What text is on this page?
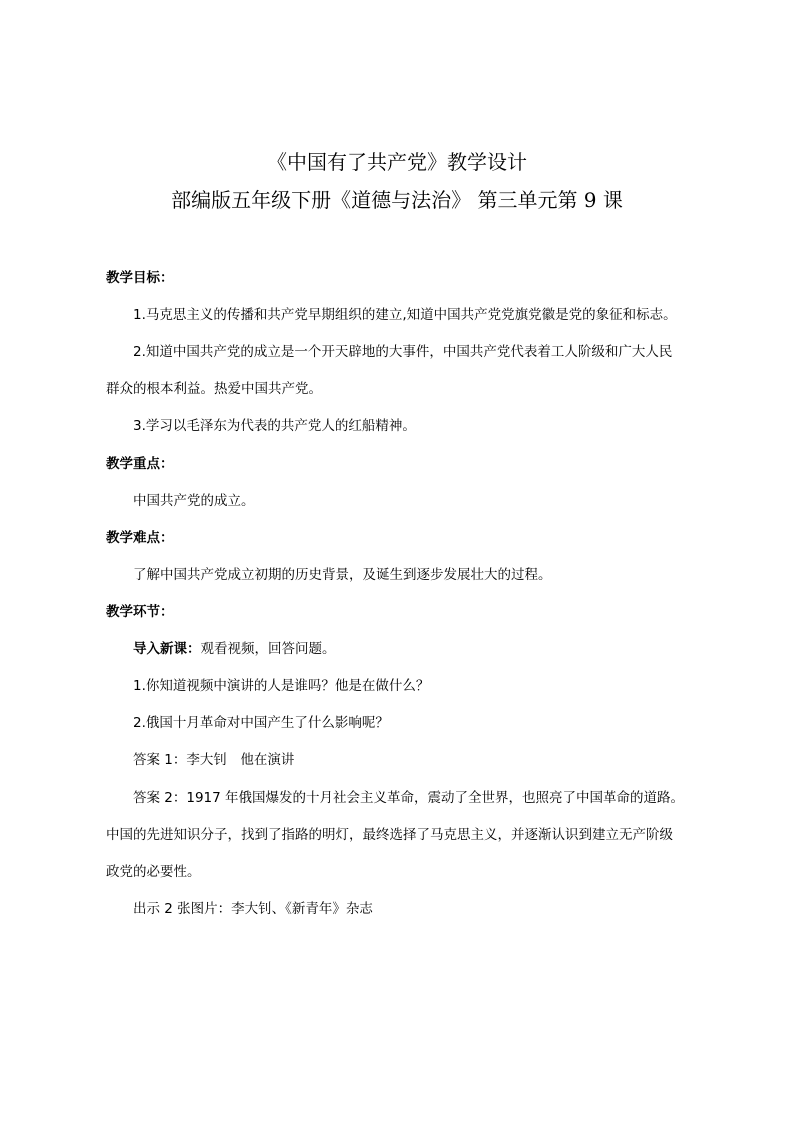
《中国有了共产党》教学设计
部编版五年级下册《道德与法治》 第三单元第 9 课
教学目标：
1.马克思主义的传播和共产党早期组织的建立,知道中国共产党党旗党徽是党的象征和标志。
2.知道中国共产党的成立是一个开天辟地的大事件，中国共产党代表着工人阶级和广大人民
群众的根本利益。热爱中国共产党。
3.学习以毛泽东为代表的共产党人的红船精神。
教学重点：
中国共产党的成立。
教学难点：
了解中国共产党成立初期的历史背景，及诞生到逐步发展壮大的过程。
教学环节：
导入新课：观看视频，回答问题。
1.你知道视频中演讲的人是谁吗？他是在做什么？
2.俄国十月革命对中国产生了什么影响呢？
答案 1：李大钊　他在演讲
答案 2：1917 年俄国爆发的十月社会主义革命，震动了全世界，也照亮了中国革命的道路。
中国的先进知识分子，找到了指路的明灯，最终选择了马克思主义，并逐渐认识到建立无产阶级
政党的必要性。
出示 2 张图片：李大钊、《新青年》杂志
